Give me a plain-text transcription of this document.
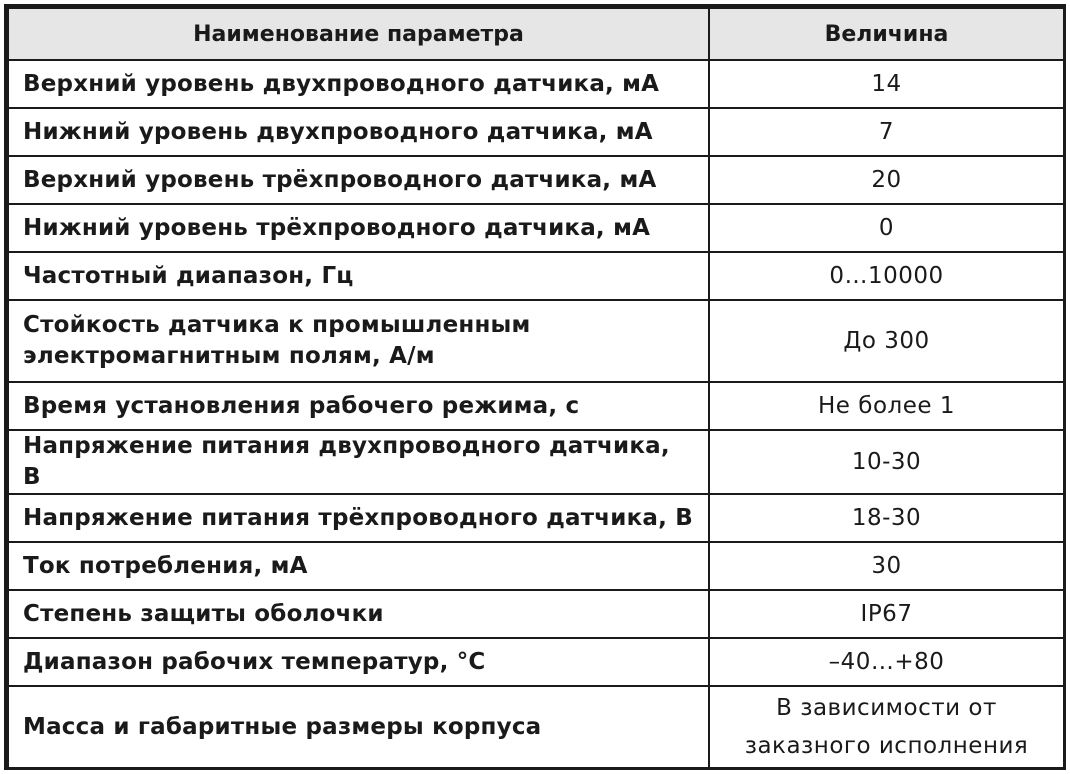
Наименование параметра	Величина
Верхний уровень двухпроводного датчика, мА	14
Нижний уровень двухпроводного датчика, мА	7
Верхний уровень трёхпроводного датчика, мА	20
Нижний уровень трёхпроводного датчика, мА	0
Частотный диапазон, Гц	0…10000
Стойкость датчика к промышленным электромагнитным полям, А/м	До 300
Время установления рабочего режима, с	Не более 1
Напряжение питания двухпроводного датчика, В	10-30
Напряжение питания трёхпроводного датчика, В	18-30
Ток потребления, мА	30
Степень защиты оболочки	IP67
Диапазон рабочих температур, °С	–40…+80
Масса и габаритные размеры корпуса	В зависимости от заказного исполнения
